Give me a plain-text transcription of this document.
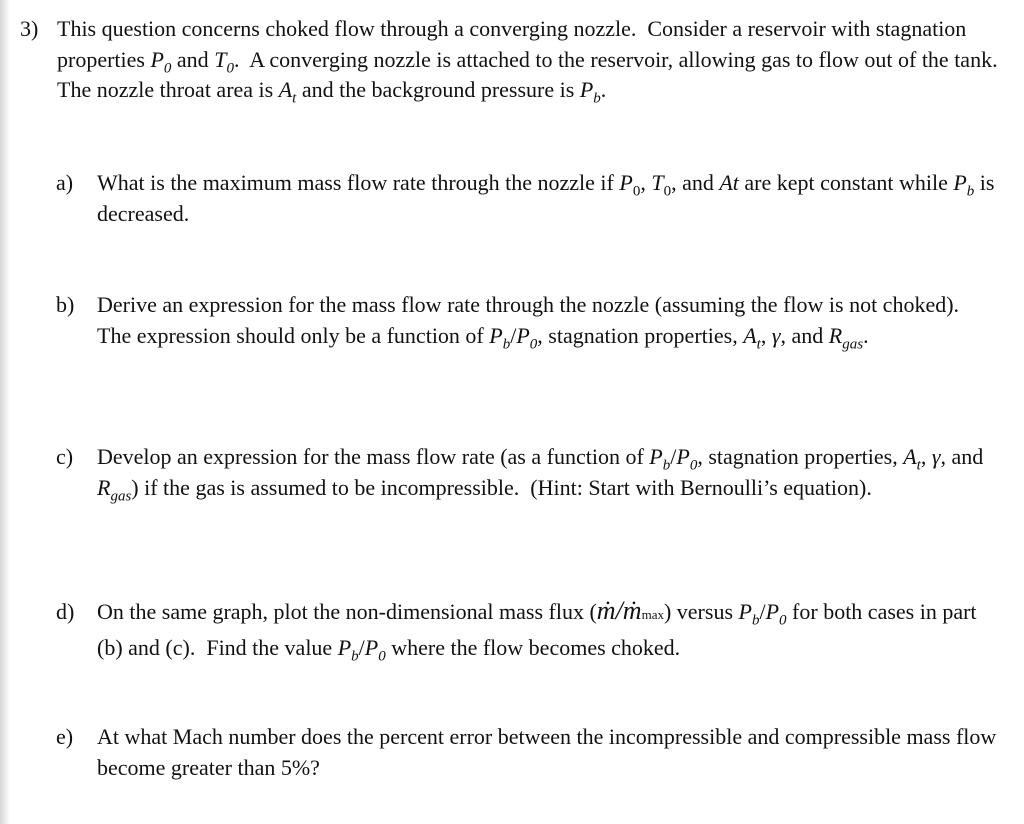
3) This question concerns choked flow through a converging nozzle.  Consider a reservoir with stagnation properties $P_0$ and $T_0$.  A converging nozzle is attached to the reservoir, allowing gas to flow out of the tank.  The nozzle throat area is $A_t$ and the background pressure is $P_b$.
a)	What is the maximum mass flow rate through the nozzle if $P_0$, $T_0$, and At are kept constant while $P_b$ is decreased.
b)	Derive an expression for the mass flow rate through the nozzle (assuming the flow is not choked).  The expression should only be a function of $P_b/P_0$, stagnation properties, $A_t$, γ, and $R_{gas}$.
c)	Develop an expression for the mass flow rate (as a function of $P_b/P_0$, stagnation properties, $A_t$, γ, and $R_{gas}$) if the gas is assumed to be incompressible.  (Hint: Start with Bernoulli’s equation).
d)	On the same graph, plot the non-dimensional mass flux (ṁ/ṁmax) versus $P_b/P_0$ for both cases in part (b) and (c).  Find the value $P_b/P_0$ where the flow becomes choked.
e)	At what Mach number does the percent error between the incompressible and compressible mass flow become greater than 5%?
